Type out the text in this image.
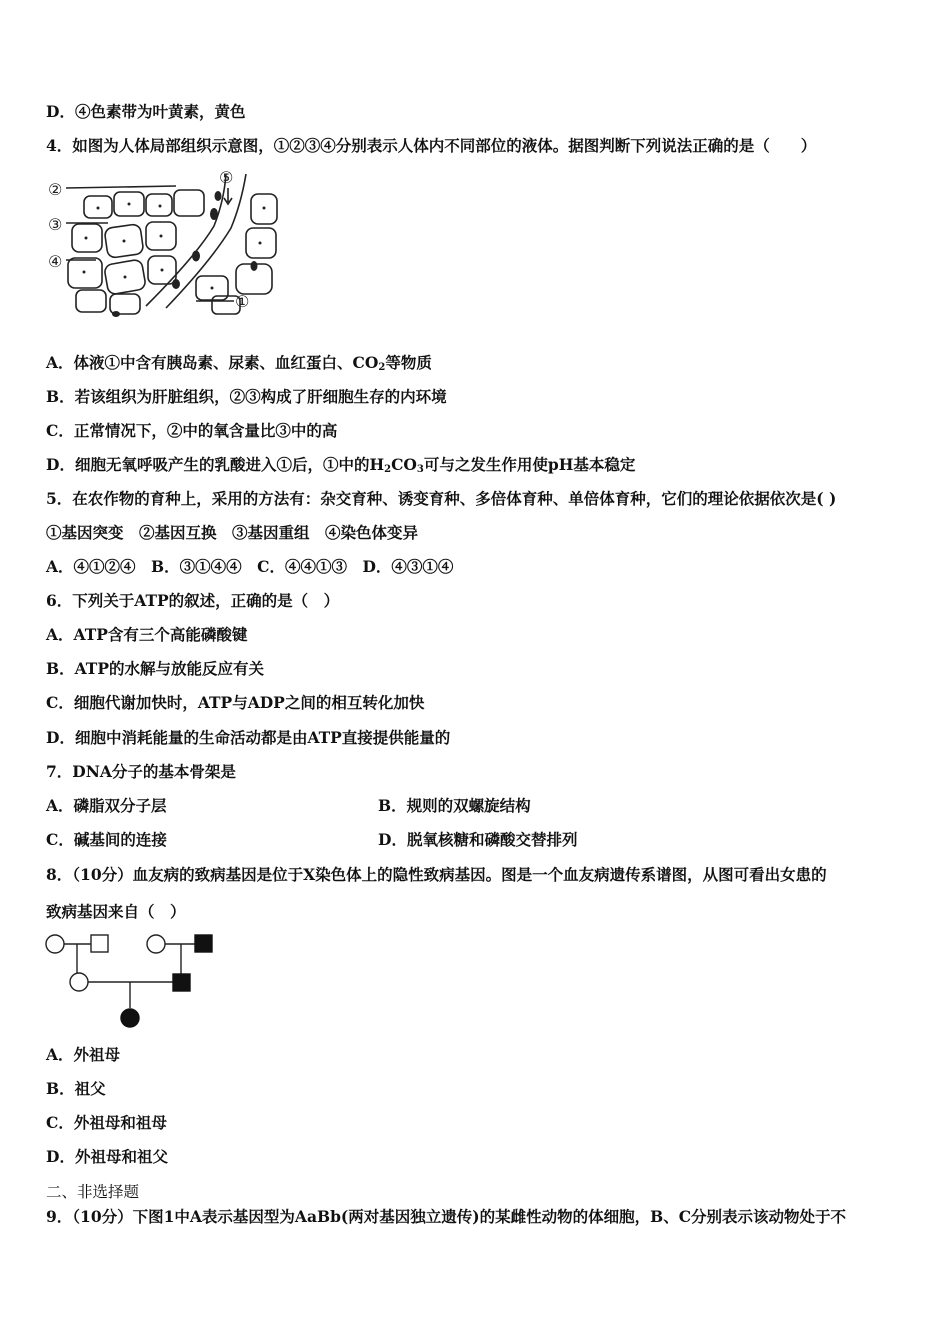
D．④色素带为叶黄素，黄色
4．如图为人体局部组织示意图，①②③④分别表示人体内不同部位的液体。据图判断下列说法正确的是（　　）
②
③
④
⑤
①
A．体液①中含有胰岛素、尿素、血红蛋白、$CO_2$等物质
B．若该组织为肝脏组织，②③构成了肝细胞生存的内环境
C．正常情况下，②中的氧含量比③中的高
D．细胞无氧呼吸产生的乳酸进入①后，①中的$H_2CO_3$可与之发生作用使pH基本稳定
5．在农作物的育种上，采用的方法有：杂交育种、诱变育种、多倍体育种、单倍体育种，它们的理论依据依次是( )
①基因突变　②基因互换　③基因重组　④染色体变异
A．④①②④　B．③①④④　C．④④①③　D．④③①④
6．下列关于ATP的叙述，正确的是（　）
A．ATP含有三个高能磷酸键
B．ATP的水解与放能反应有关
C．细胞代谢加快时，ATP与ADP之间的相互转化加快
D．细胞中消耗能量的生命活动都是由ATP直接提供能量的
7．DNA分子的基本骨架是
A．磷脂双分子层	B．规则的双螺旋结构
C．碱基间的连接	D．脱氧核糖和磷酸交替排列
8．（10分）血友病的致病基因是位于X染色体上的隐性致病基因。图是一个血友病遗传系谱图，从图可看出女患的
致病基因来自（　）
A．外祖母
B．祖父
C．外祖母和祖母
D．外祖母和祖父
二、非选择题
9．（10分）下图1中A表示基因型为AaBb(两对基因独立遗传)的某雌性动物的体细胞，B、C分别表示该动物处于不
